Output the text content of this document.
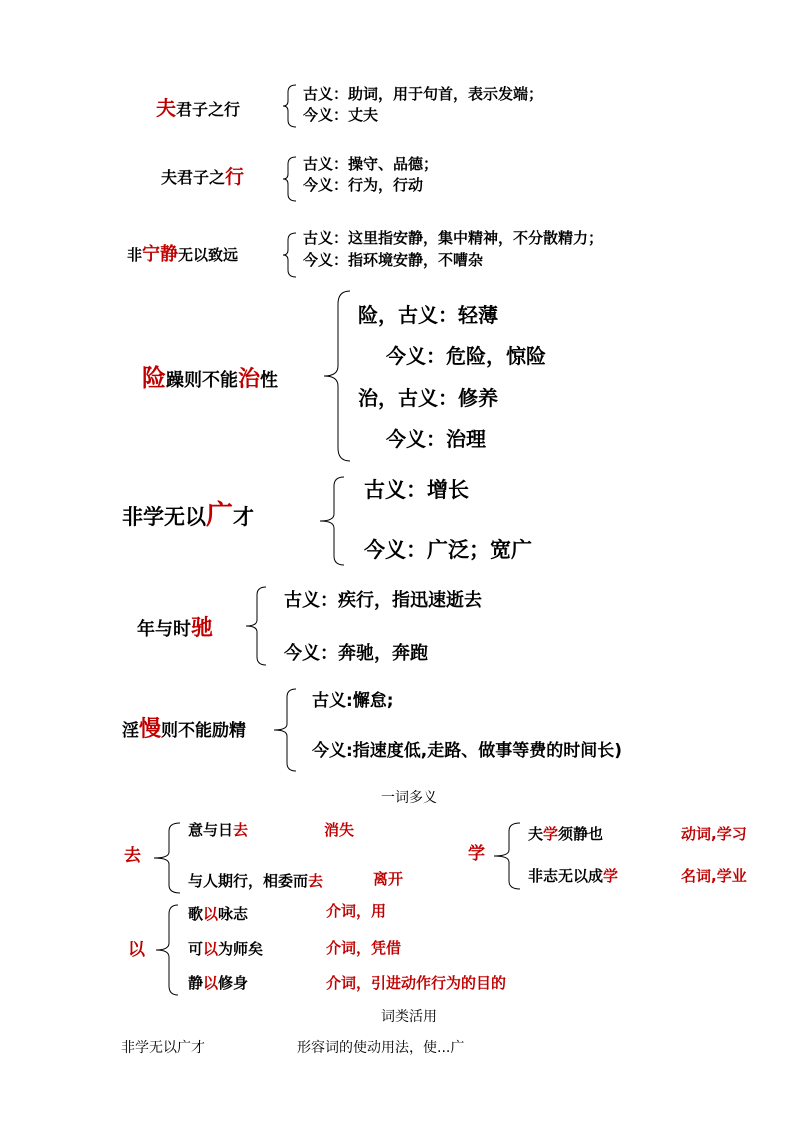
夫君子之行
古义：助词，用于句首，表示发端；
今义：丈夫
夫君子之行
古义：操守、品德；
今义：行为，行动
非宁静无以致远
古义：这里指安静，集中精神，不分散精力；
今义：指环境安静，不嘈杂
险躁则不能治性
险，古义：轻薄
今义：危险，惊险
治，古义：修养
今义：治理
非学无以广才
古义：增长
今义：广泛；宽广
年与时驰
古义：疾行，指迅速逝去
今义：奔驰，奔跑
淫慢则不能励精
古义:懈怠;
今义:指速度低,走路、做事等费的时间长)
一词多义
去
意与日去	消失
与人期行，相委而去	离开
学
夫学须静也	动词,学习
非志无以成学	名词,学业
以
歌以咏志	介词，用
可以为师矣	介词，凭借
静以修身	介词，引进动作行为的目的
词类活用
非学无以广才	形容词的使动用法，使...广
